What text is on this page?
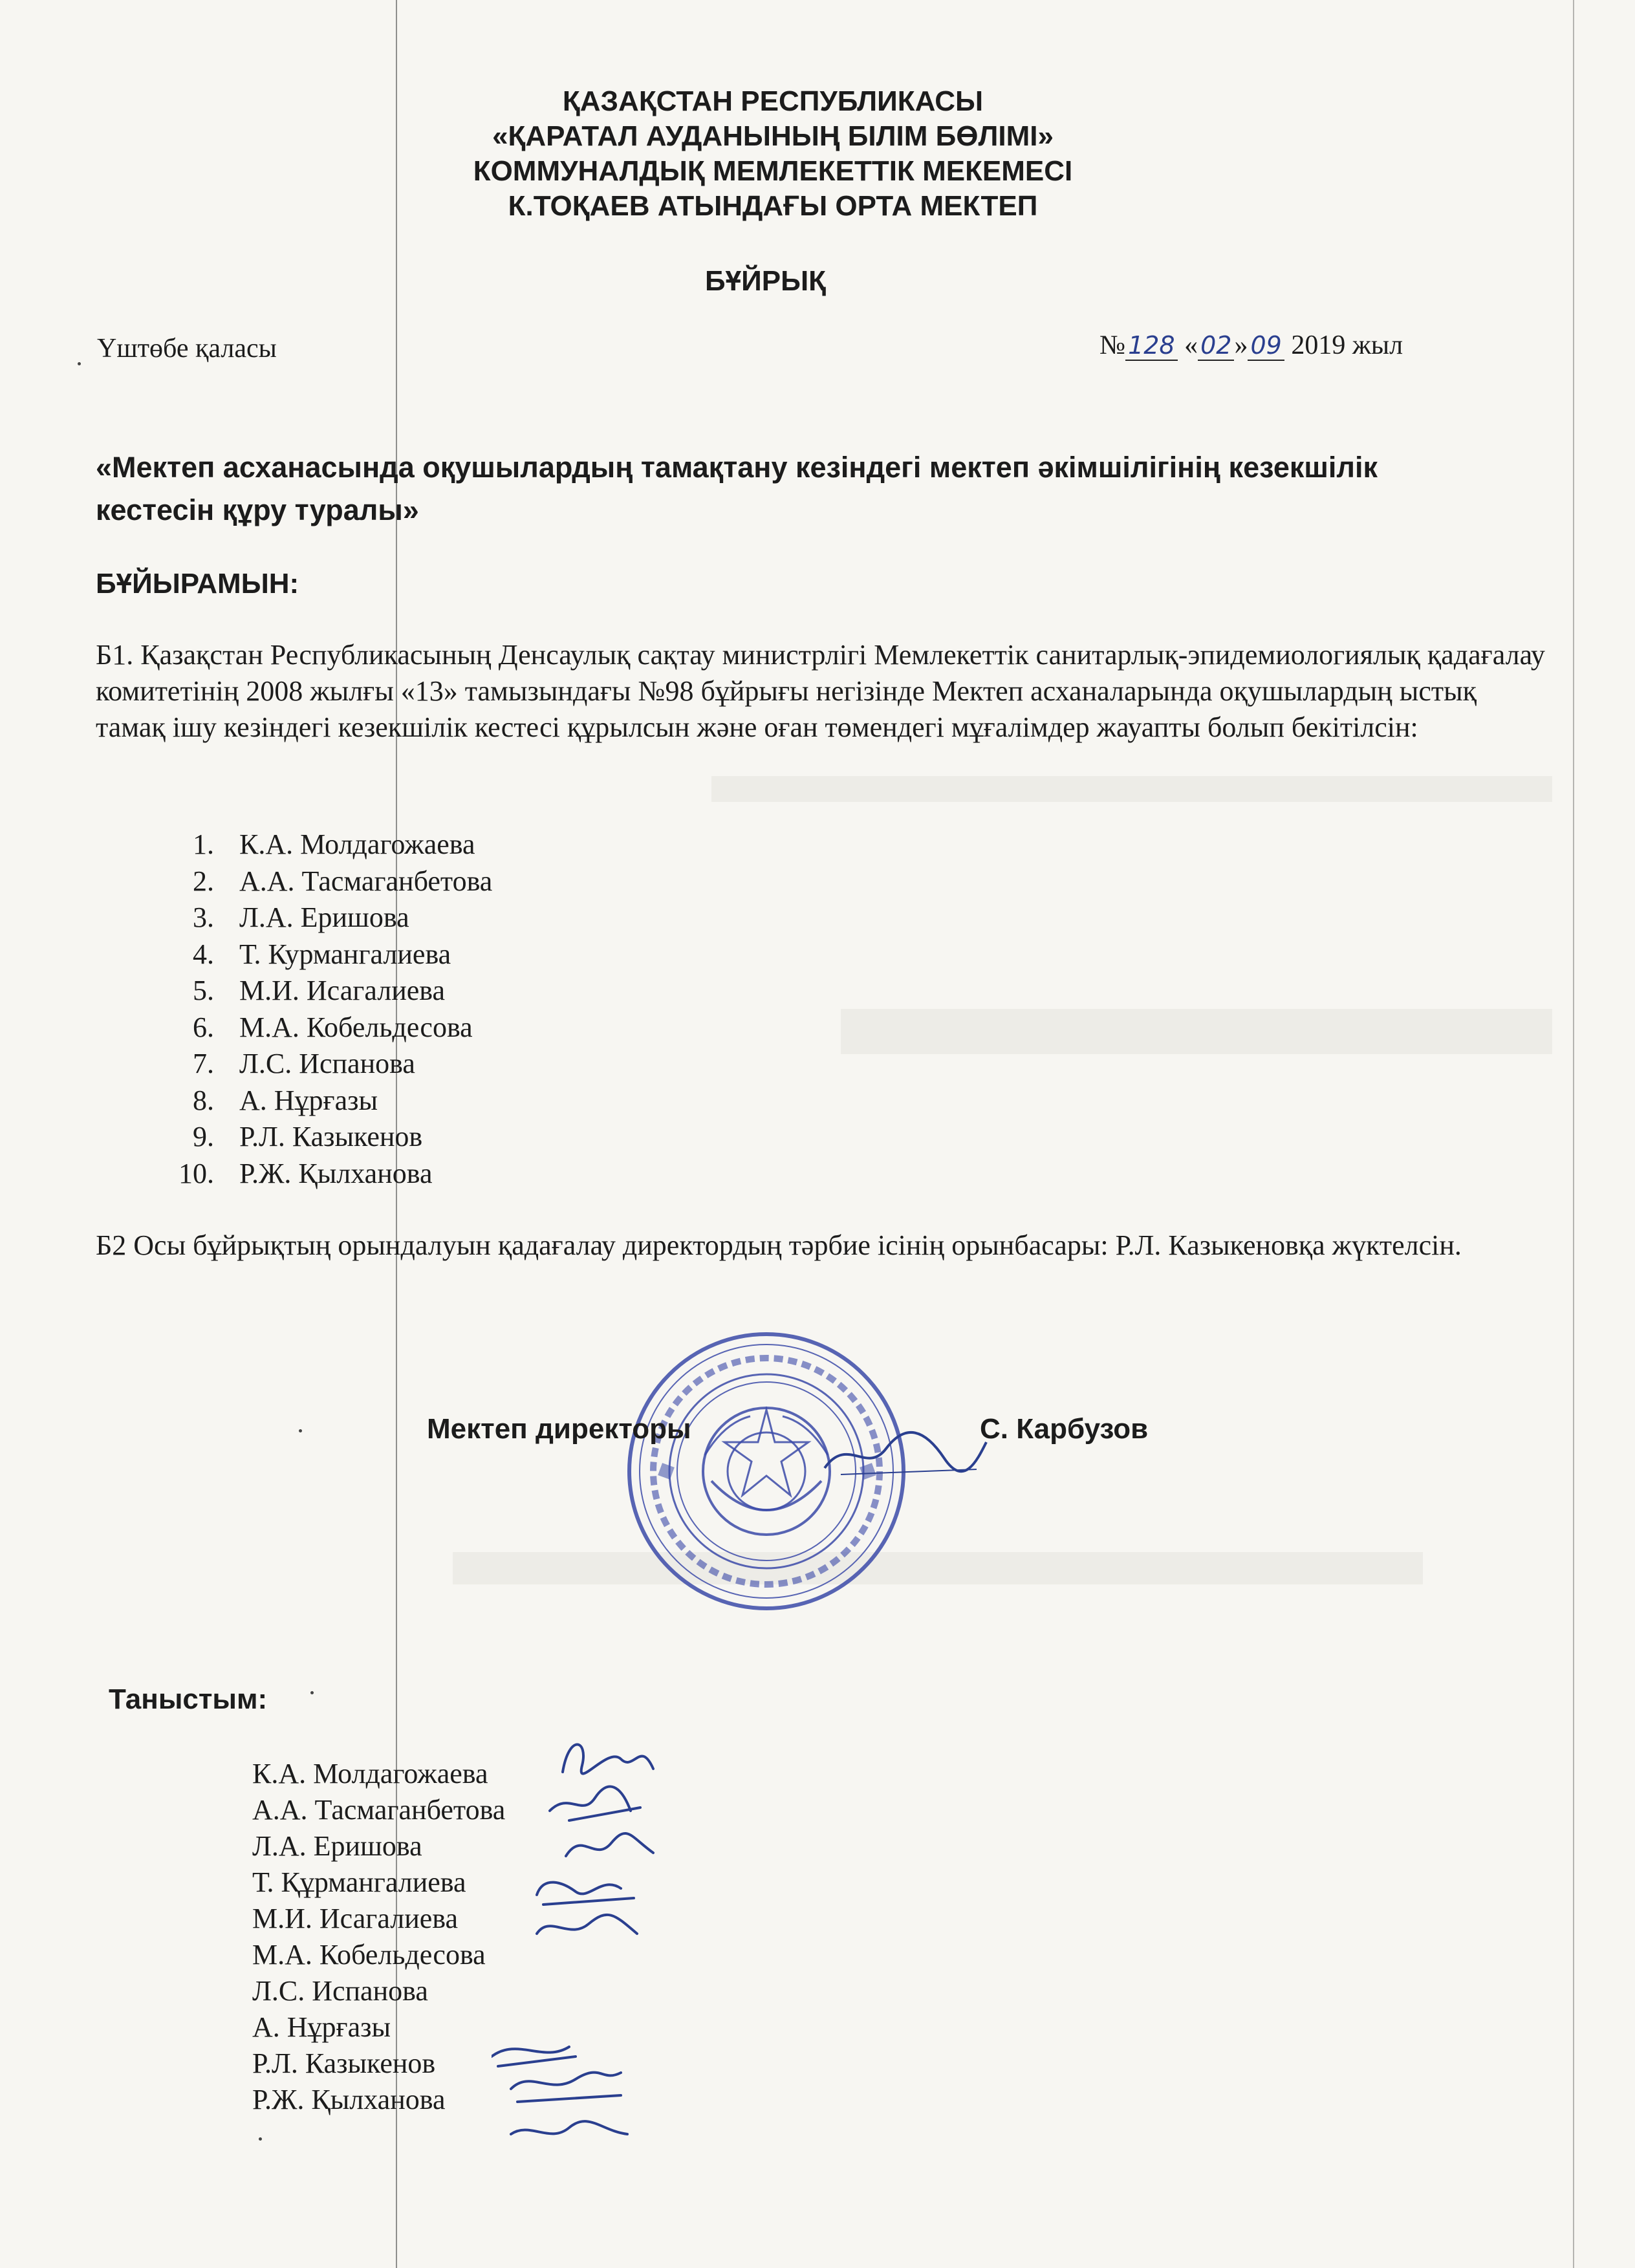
ҚАЗАҚСТАН РЕСПУБЛИКАСЫ
«ҚАРАТАЛ АУДАНЫНЫҢ БІЛІМ БӨЛІМІ»
КОММУНАЛДЫҚ МЕМЛЕКЕТТІК МЕКЕМЕСІ
К.ТОҚАЕВ АТЫНДАҒЫ ОРТА МЕКТЕП
БҰЙРЫҚ
Үштөбе қаласы	№ 128 « 02» 09 2019 жыл
«Мектеп асханасында оқушылардың тамақтану кезіндегі мектеп әкімшілігінің кезекшілік кестесін құру туралы»
БҰЙЫРАМЫН:
Б1. Қазақстан Республикасының Денсаулық сақтау министрлігі Мемлекеттік санитарлық-эпидемиологиялық қадағалау комитетінің 2008 жылғы «13» тамызындағы №98 бұйрығы негізінде Мектеп асханаларында оқушылардың ыстық тамақ ішу кезіндегі кезекшілік кестесі құрылсын және оған төмендегі мұғалімдер жауапты болып бекітілсін:
1. К.А. Молдагожаева
2. А.А. Тасмаганбетова
3. Л.А. Еришова
4. Т. Курмангалиева
5. М.И. Исагалиева
6. М.А. Кобельдесова
7. Л.С. Испанова
8. А. Нұрғазы
9. Р.Л. Казыкенов
10. Р.Ж. Қылханова
Б2 Осы бұйрықтың орындалуын қадағалау директордың тәрбие ісінің орынбасары: Р.Л. Казыкеновқа жүктелсін.
Мектеп директоры	С. Карбузов
Таныстым:
К.А. Молдагожаева
А.А. Тасмаганбетова
Л.А. Еришова
Т. Құрмангалиева
М.И. Исагалиева
М.А. Кобельдесова
Л.С. Испанова
А. Нұрғазы
Р.Л. Казыкенов
Р.Ж. Қылханова
